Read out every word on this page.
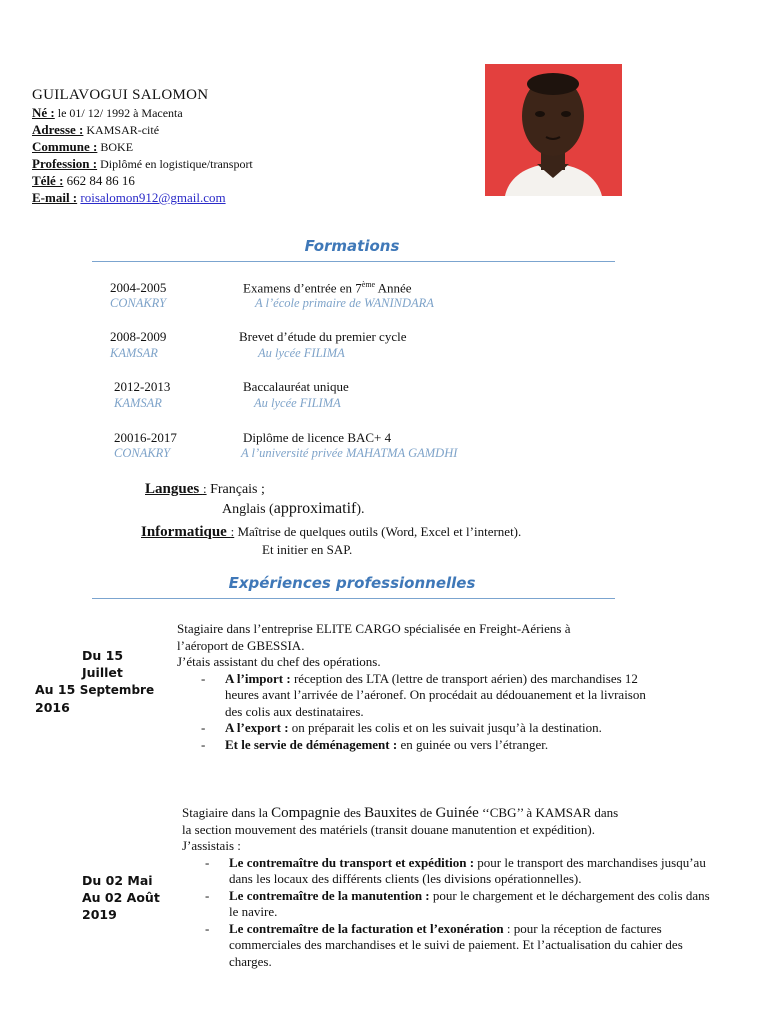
GUILAVOGUI SALOMON
Né : le 01/ 12/ 1992 à Macenta
Adresse : KAMSAR-cité
Commune : BOKE
Profession : Diplômé en logistique/transport
Télé : 662 84 86 16
E-mail : roisalomon912@gmail.com
Formations
2004-2005	Examens d’entrée en 7ème Année
CONAKRY	A l’école primaire de WANINDARA
2008-2009	Brevet d’étude du premier cycle
KAMSAR	Au lycée FILIMA
2012-2013	Baccalauréat unique
KAMSAR	Au lycée FILIMA
20016-2017	Diplôme de licence BAC+ 4
CONAKRY	A l’université privée MAHATMA GAMDHI
Langues : Français ;
Anglais (approximatif).
Informatique : Maîtrise de quelques outils (Word, Excel et l’internet).
Et initier en SAP.
Expériences professionnelles
Du 15
Juillet
Au 15 Septembre
2016
Stagiaire dans l’entreprise ELITE CARGO spécialisée en Freight-Aériens à
l’aéroport de GBESSIA.
J’étais assistant du chef des opérations.
- A l’import : réception des LTA (lettre de transport aérien) des marchandises 12 heures avant l’arrivée de l’aéronef. On procédait au dédouanement et la livraison des colis aux destinataires.
- A l’export : on préparait les colis et on les suivait jusqu’à la destination.
- Et le servie de déménagement : en guinée ou vers l’étranger.
Du 02 Mai
Au 02 Août
2019
Stagiaire dans la Compagnie des Bauxites de Guinée ‘‘CBG’’ à KAMSAR dans
la section mouvement des matériels (transit douane manutention et expédition).
J’assistais :
- Le contremaître du transport et expédition : pour le transport des marchandises jusqu’au dans les locaux des différents clients (les divisions opérationnelles).
- Le contremaître de la manutention : pour le chargement et le déchargement des colis dans le navire.
- Le contremaître de la facturation et l’exonération : pour la réception de factures commerciales des marchandises et le suivi de paiement. Et l’actualisation du cahier des charges.
